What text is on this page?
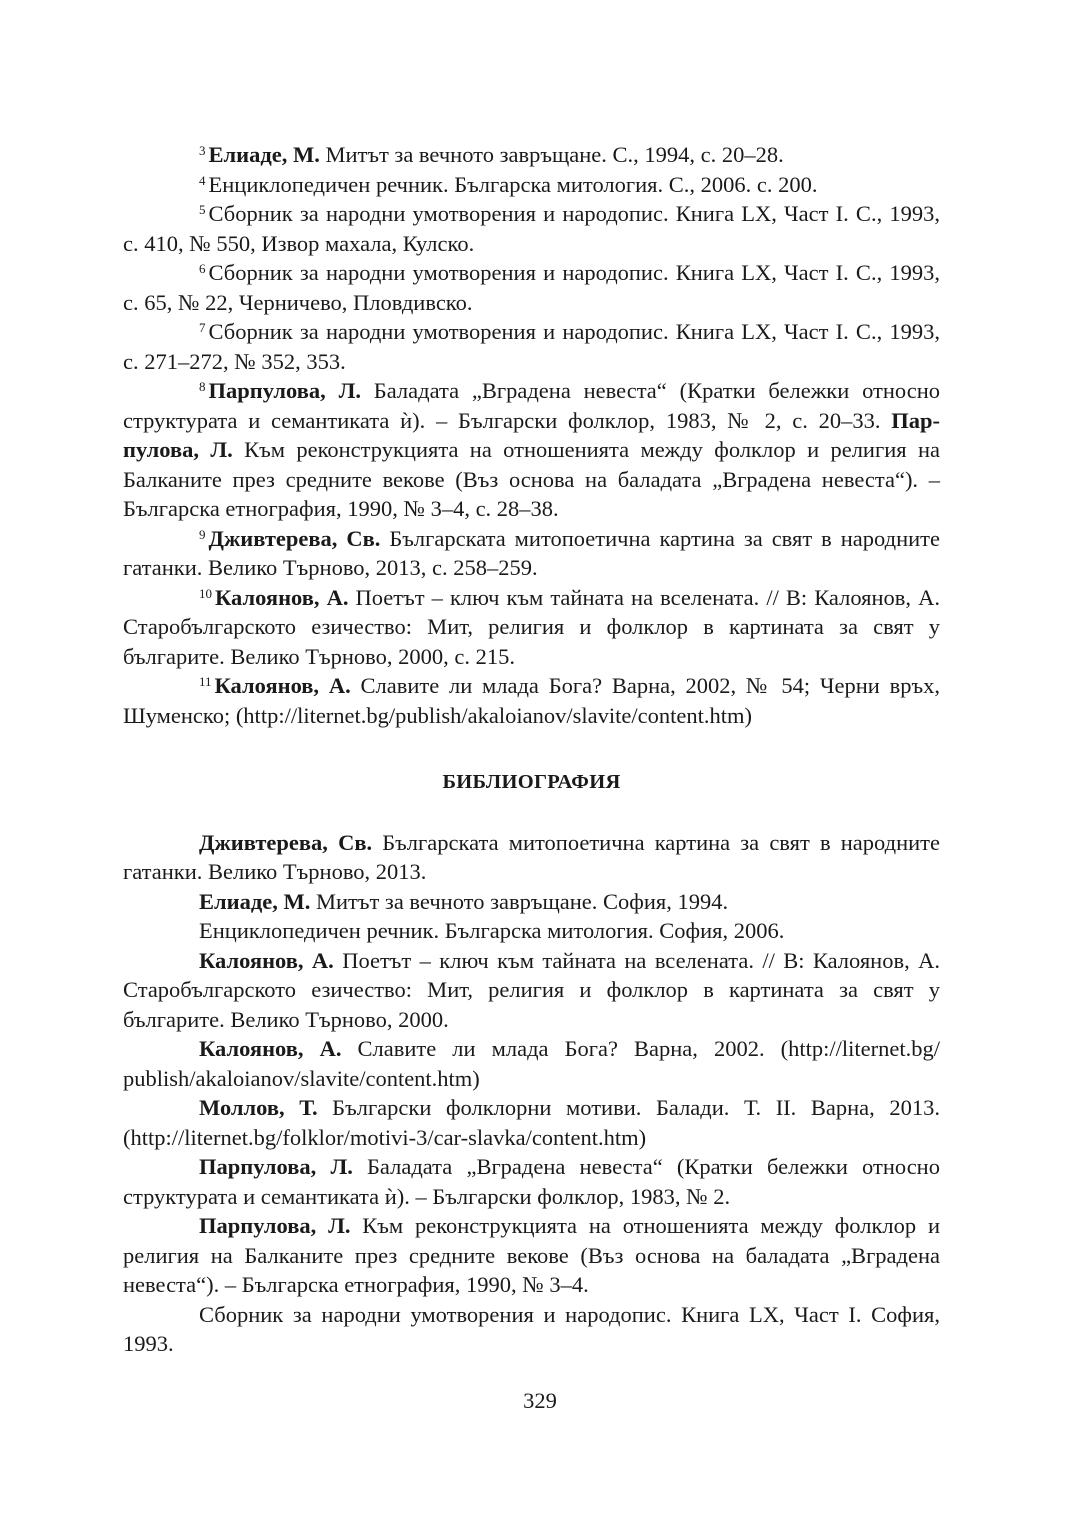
$^3$ Елиаде, М. Митът за вечното завръщане. С., 1994, с. 20–28.

$^4$ Енциклопедичен речник. Българска митология. С., 2006. с. 200.

$^5$ Сборник за народни умотворения и народопис. Книга LX, Част I. С., 1993, с. 410, № 550, Извор махала, Кулско.

$^6$ Сборник за народни умотворения и народопис. Книга LX, Част I. С., 1993, с. 65, № 22, Черничево, Пловдивско.

$^7$ Сборник за народни умотворения и народопис. Книга LX, Част I. С., 1993, с. 271–272, № 352, 353.

$^8$ Парпулова, Л. Баладата „Вградена невеста“ (Кратки бележки относно структурата и семантиката ѝ). – Български фолклор, 1983, № 2, с. 20–33. Парпулова, Л. Към реконструкцията на отношенията между фолклор и религия на Балканите през средните векове (Въз основа на баладата „Вградена невеста“). – Българска етнография, 1990, № 3–4, с. 28–38.

$^9$ Дживтерева, Св. Българската митопоетична картина за свят в народните гатанки. Велико Търново, 2013, с. 258–259.

$^{10}$ Калоянов, А. Поетът – ключ към тайната на вселената. // В: Калоянов, А. Старобългарското езичество: Мит, религия и фолклор в картината за свят у българите. Велико Търново, 2000, с. 215.

$^{11}$ Калоянов, А. Славите ли млада Бога? Варна, 2002, № 54; Черни връх, Шуменско; (http://liternet.bg/publish/akaloianov/slavite/content.htm)

БИБЛИОГРАФИЯ

Дживтерева, Св. Българската митопоетична картина за свят в народните гатанки. Велико Търново, 2013.

Елиаде, М. Митът за вечното завръщане. София, 1994.

Енциклопедичен речник. Българска митология. София, 2006.

Калоянов, А. Поетът – ключ към тайната на вселената. // В: Калоянов, А. Старобългарското езичество: Мит, религия и фолклор в картината за свят у българите. Велико Търново, 2000.

Калоянов, А. Славите ли млада Бога? Варна, 2002. (http://liternet.bg/ publish/akaloianov/slavite/content.htm)

Моллов, Т. Български фолклорни мотиви. Балади. Т. II. Варна, 2013. (http://liternet.bg/folklor/motivi-3/car-slavka/content.htm)

Парпулова, Л. Баладата „Вградена невеста“ (Кратки бележки относно структурата и семантиката ѝ). – Български фолклор, 1983, № 2.

Парпулова, Л. Към реконструкцията на отношенията между фолклор и религия на Балканите през средните векове (Въз основа на баладата „Вградена невеста“). – Българска етнография, 1990, № 3–4.

Сборник за народни умотворения и народопис. Книга LX, Част I. София, 1993.

329
